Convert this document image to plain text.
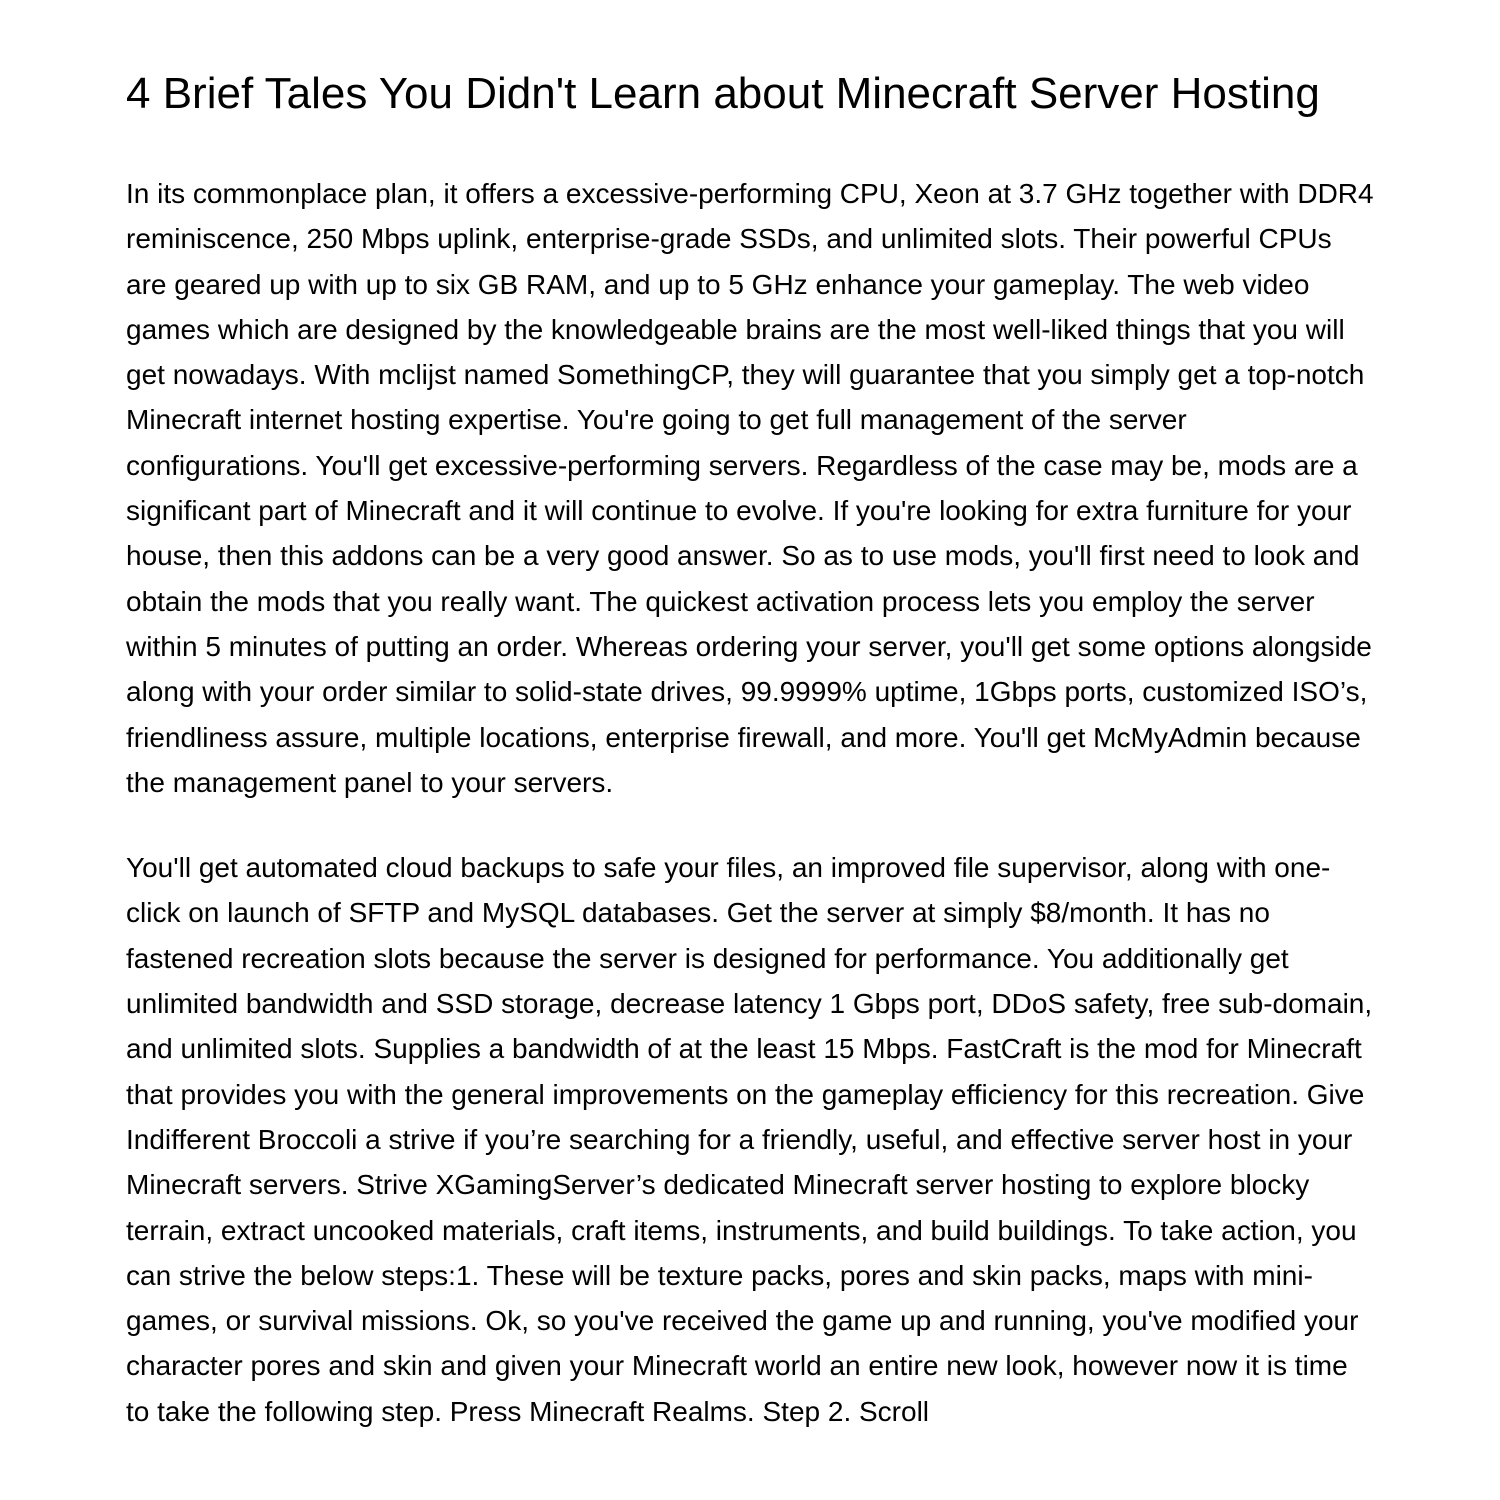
4 Brief Tales You Didn't Learn about Minecraft Server Hosting

In its commonplace plan, it offers a excessive-performing CPU, Xeon at 3.7 GHz together with DDR4 reminiscence, 250 Mbps uplink, enterprise-grade SSDs, and unlimited slots. Their powerful CPUs are geared up with up to six GB RAM, and up to 5 GHz enhance your gameplay. The web video games which are designed by the knowledgeable brains are the most well-liked things that you will get nowadays. With mclijst named SomethingCP, they will guarantee that you simply get a top-notch Minecraft internet hosting expertise. You're going to get full management of the server configurations. You'll get excessive-performing servers. Regardless of the case may be, mods are a significant part of Minecraft and it will continue to evolve. If you're looking for extra furniture for your house, then this addons can be a very good answer. So as to use mods, you'll first need to look and obtain the mods that you really want. The quickest activation process lets you employ the server within 5 minutes of putting an order. Whereas ordering your server, you'll get some options alongside along with your order similar to solid-state drives, 99.9999% uptime, 1Gbps ports, customized ISO’s, friendliness assure, multiple locations, enterprise firewall, and more. You'll get McMyAdmin because the management panel to your servers.

You'll get automated cloud backups to safe your files, an improved file supervisor, along with one-click on launch of SFTP and MySQL databases. Get the server at simply $8/month. It has no fastened recreation slots because the server is designed for performance. You additionally get unlimited bandwidth and SSD storage, decrease latency 1 Gbps port, DDoS safety, free sub-domain, and unlimited slots. Supplies a bandwidth of at the least 15 Mbps. FastCraft is the mod for Minecraft that provides you with the general improvements on the gameplay efficiency for this recreation. Give Indifferent Broccoli a strive if you’re searching for a friendly, useful, and effective server host in your Minecraft servers. Strive XGamingServer’s dedicated Minecraft server hosting to explore blocky terrain, extract uncooked materials, craft items, instruments, and build buildings. To take action, you can strive the below steps:1. These will be texture packs, pores and skin packs, maps with mini-games, or survival missions. Ok, so you've received the game up and running, you've modified your character pores and skin and given your Minecraft world an entire new look, however now it is time to take the following step. Press Minecraft Realms. Step 2. Scroll
